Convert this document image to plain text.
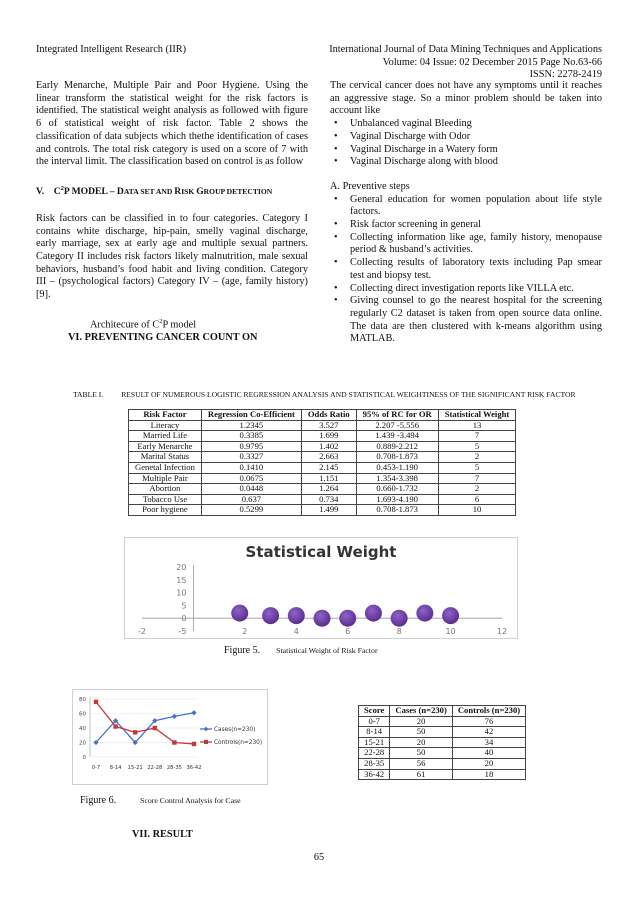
Integrated Intelligent Research (IIR)	International Journal of Data Mining Techniques and Applications
Volume: 04 Issue: 02 December 2015 Page No.63-66
ISSN: 2278-2419

Early Menarche, Multiple Pair and Poor Hygiene. Using the linear transform the statistical weight for the risk factors is identified. The statistical weight analysis as followed with figure 6 of statistical weight of risk factor. Table 2 shows the classification of data subjects which thethe identification of cases and controls. The total risk category is used on a score of 7 with the interval limit. The classification based on control is as follow

V. $C^2P$ MODEL – DATA SET AND RISK GROUP DETECTION

Risk factors can be classified in to four categories. Category I contains white discharge, hip-pain, smelly vaginal discharge, early marriage, sex at early age and multiple sexual partners. Category II includes risk factors likely malnutrition, male sexual behaviors, husband’s food habit and living condition. Category III – (psychological factors) Category IV – (age, family history)[9].

Architecure of $C^2P$ model
VI. PREVENTING CANCER COUNT ON

The cervical cancer does not have any symptoms until it reaches an aggressive stage. So a minor problem should be taken into account like

• Unbalanced vaginal Bleeding
• Vaginal Discharge with Odor
• Vaginal Discharge in a Watery form
• Vaginal Discharge along with blood
A. Preventive steps
• General education for women population about life style factors.
• Risk factor screening in general
• Collecting information like age, family history, menopause period & husband’s activities.
• Collecting results of laboratory texts including Pap smear test and biopsy test.
• Collecting direct investigation reports like VILLA etc.
• Giving counsel to go the nearest hospital for the screening regularly C2 dataset is taken from open source data online. The data are then clustered with k-means algorithm using MATLAB.
TABLE I. RESULT OF NUMEROUS LOGISTIC REGRESSION ANALYSIS AND STATISTICAL WEIGHTINESS OF THE SIGNIFICANT RISK FACTOR
Risk Factor	Regression Co-Efficient	Odds Ratio	95% of RC for OR	Statistical Weight
Literacy	1.2345	3.527	2.207 -5.556	13
Married Life	0.3385	1.699	1.439 -3.494	7
Early Menarche	0.9795	1.402	0.889-2.212	5
Marital Status	0.3327	2.663	0.708-1.873	2
Genetal Infection	0.1410	2.145	0.453-1.190	5
Multiple Pair	0.0675	1.151	1.354-3.398	7
Abortion	0.0448	1.264	0.660-1.732	2
Tobacco Use	0.637	0.734	1.693-4.190	6
Poor hygiene	0.5299	1.499	0.708-1.873	10
Statistical Weight
-5
0
5
10
15
20
-2	2	4	6	8	10	12
Figure 5. Statistical Weight of Risk Factor
0
20
40
60
80
0-7 8-14 15-21 22-28 28-35 36-42
Cases(n=230)
Controls(n=230)
Figure 6.	Score Control Analysis for Case
Score	Cases (n=230)	Controls (n=230)
0-7	20	76
8-14	50	42
15-21	20	34
22-28	50	40
28-35	56	20
36-42	61	18
VII. RESULT
65
